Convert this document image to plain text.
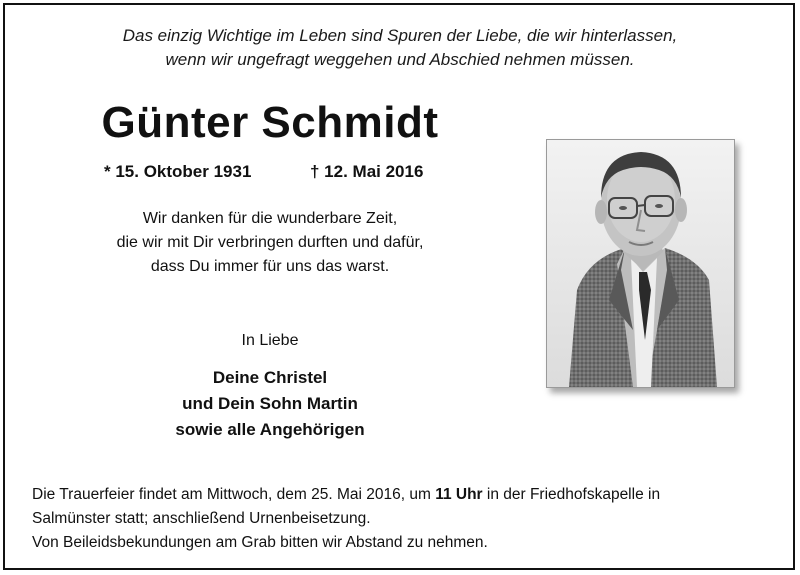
Das einzig Wichtige im Leben sind Spuren der Liebe, die wir hinterlassen,
wenn wir ungefragt weggehen und Abschied nehmen müssen.
Günter Schmidt
* 15. Oktober 1931	† 12. Mai 2016
Wir danken für die wunderbare Zeit,
die wir mit Dir verbringen durften und dafür,
dass Du immer für uns das warst.
In Liebe
Deine Christel
und Dein Sohn Martin
sowie alle Angehörigen
Die Trauerfeier findet am Mittwoch, dem 25. Mai 2016, um 11 Uhr in der Friedhofskapelle in
Salmünster statt; anschließend Urnenbeisetzung.
Von Beileidsbekundungen am Grab bitten wir Abstand zu nehmen.
